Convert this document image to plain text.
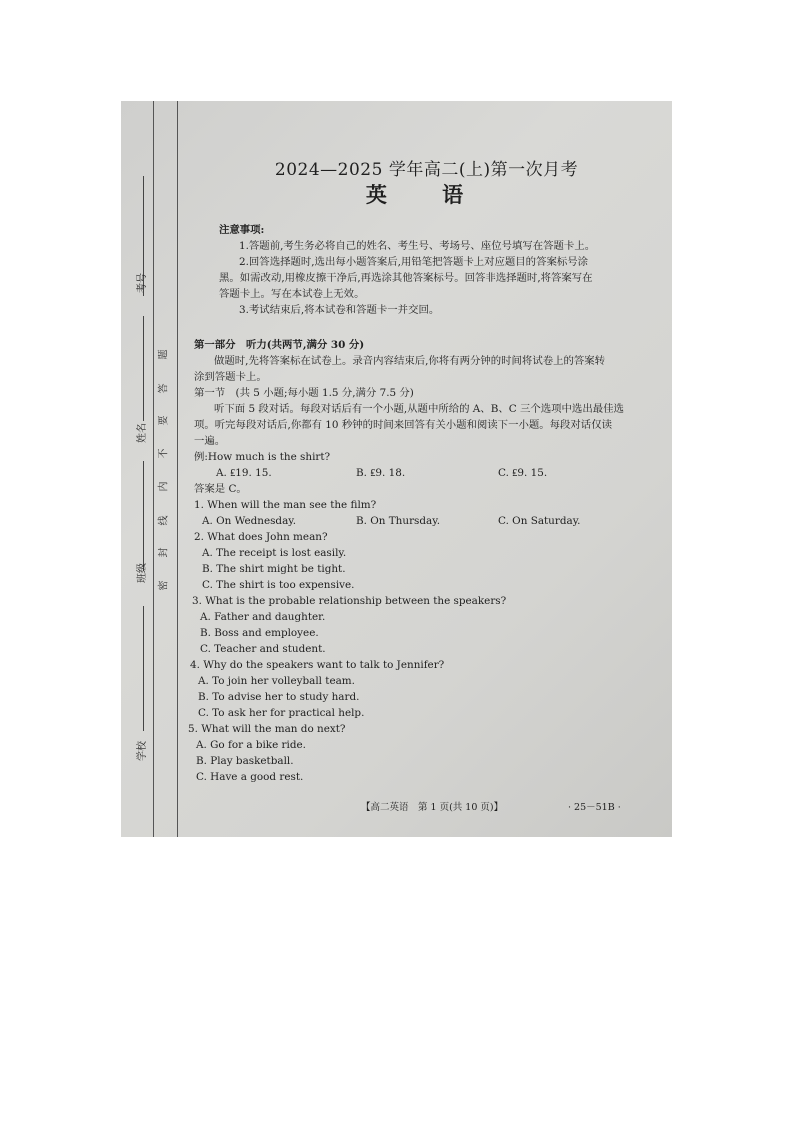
考号
姓名
班级
学校
题
答
要
不
内
线
封
密
2024—2025 学年高二(上)第一次月考
英 语
注意事项:
1.答题前,考生务必将自己的姓名、考生号、考场号、座位号填写在答题卡上。
2.回答选择题时,选出每小题答案后,用铅笔把答题卡上对应题目的答案标号涂
黑。如需改动,用橡皮擦干净后,再选涂其他答案标号。回答非选择题时,将答案写在
答题卡上。写在本试卷上无效。
3.考试结束后,将本试卷和答题卡一并交回。
第一部分　听力(共两节,满分 30 分)
做题时,先将答案标在试卷上。录音内容结束后,你将有两分钟的时间将试卷上的答案转
涂到答题卡上。
第一节　(共 5 小题;每小题 1.5 分,满分 7.5 分)
听下面 5 段对话。每段对话后有一个小题,从题中所给的 A、B、C 三个选项中选出最佳选
项。听完每段对话后,你都有 10 秒钟的时间来回答有关小题和阅读下一小题。每段对话仅读
一遍。
例:How much is the shirt?
A. ₤19. 15.	B. ₤9. 18.	C. ₤9. 15.
答案是 C。
1. When will the man see the film?
A. On Wednesday.	B. On Thursday.	C. On Saturday.
2. What does John mean?
A. The receipt is lost easily.
B. The shirt might be tight.
C. The shirt is too expensive.
3. What is the probable relationship between the speakers?
A. Father and daughter.
B. Boss and employee.
C. Teacher and student.
4. Why do the speakers want to talk to Jennifer?
A. To join her volleyball team.
B. To advise her to study hard.
C. To ask her for practical help.
5. What will the man do next?
A. Go for a bike ride.
B. Play basketball.
C. Have a good rest.
【高二英语　第 1 页(共 10 页)】	· 25－51B ·
